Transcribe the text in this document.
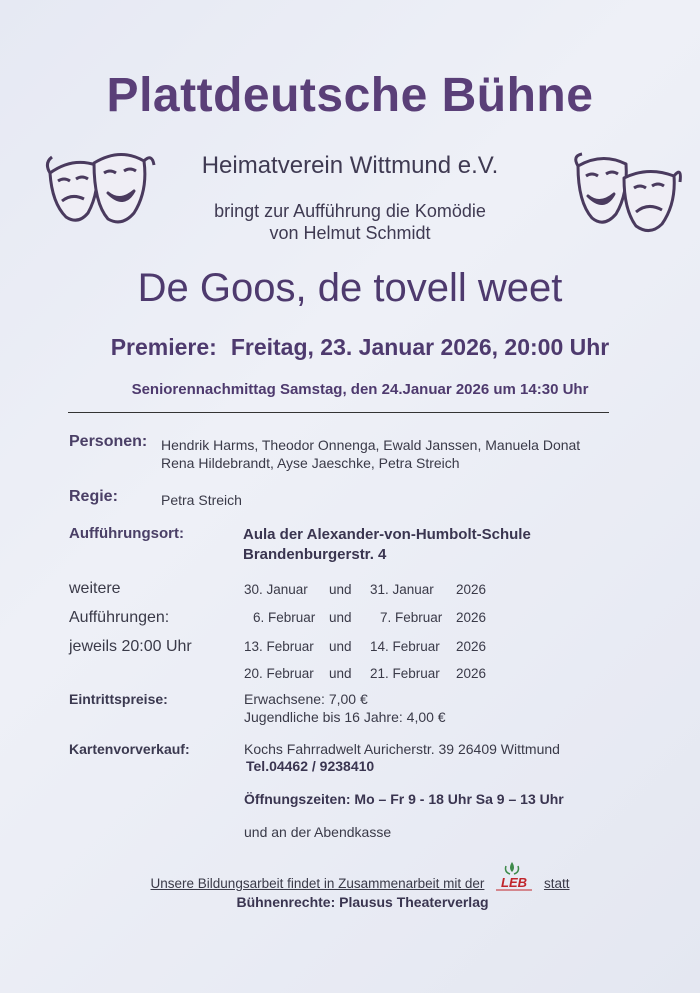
Plattdeutsche Bühne
Heimatverein Wittmund e.V.
bringt zur Aufführung die Komödie
von Helmut Schmidt
De Goos, de tovell weet
Premiere: Freitag, 23. Januar 2026, 20:00 Uhr
Seniorennachmittag Samstag, den 24.Januar 2026 um 14:30 Uhr
Personen: Hendrik Harms, Theodor Onnenga, Ewald Janssen, Manuela Donat
Rena Hildebrandt, Ayse Jaeschke, Petra Streich
Regie:	Petra Streich
Aufführungsort:	Aula der Alexander-von-Humbolt-Schule
Brandenburgerstr. 4
weitere
Aufführungen:
jeweils 20:00 Uhr
30. Januar und 31. Januar 2026
6. Februar und 7. Februar 2026
13. Februar und 14. Februar 2026
20. Februar und 21. Februar 2026
Eintrittspreise:	Erwachsene: 7,00 €
Jugendliche bis 16 Jahre: 4,00 €
Kartenvorverkauf:	Kochs Fahrradwelt Auricherstr. 39 26409 Wittmund
Tel.04462 / 9238410
Öffnungszeiten: Mo – Fr 9 - 18 Uhr Sa 9 – 13 Uhr
und an der Abendkasse
Unsere Bildungsarbeit findet in Zusammenarbeit mit der LEB statt
Bühnenrechte: Plausus Theaterverlag
